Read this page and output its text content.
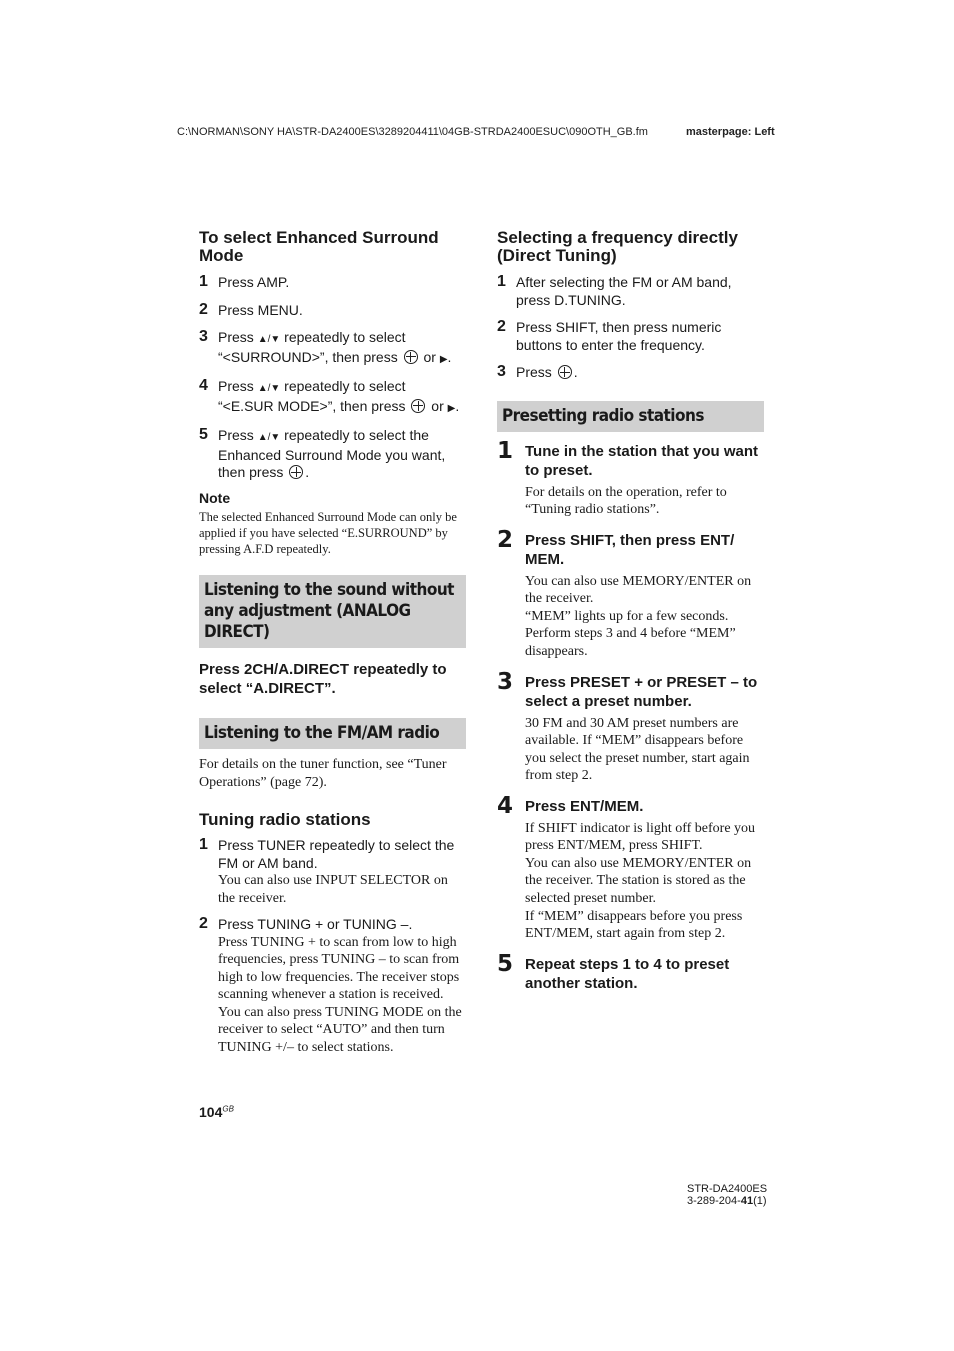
C:\NORMAN\SONY HA\STR-DA2400ES\3289204411\04GB-STRDA2400ESUC\090OTH_GB.fm	masterpage: Left
To select Enhanced Surround Mode
1 Press AMP.
2 Press MENU.
3 Press ▲/▼ repeatedly to select
“<SURROUND>”, then press or ▶.
4 Press ▲/▼ repeatedly to select
“<E.SUR MODE>”, then press or ▶.
5 Press ▲/▼ repeatedly to select the
Enhanced Surround Mode you want,
then press .
Note
The selected Enhanced Surround Mode can only be applied if you have selected “E.SURROUND” by pressing A.F.D repeatedly.
Listening to the sound without any adjustment (ANALOG DIRECT)
Press 2CH/A.DIRECT repeatedly to select “A.DIRECT”.
Listening to the FM/AM radio
For details on the tuner function, see “Tuner Operations” (page 72).
Tuning radio stations
1 Press TUNER repeatedly to select the FM or AM band.
You can also use INPUT SELECTOR on the receiver.
2 Press TUNING + or TUNING –.
Press TUNING + to scan from low to high frequencies, press TUNING – to scan from high to low frequencies. The receiver stops scanning whenever a station is received. You can also press TUNING MODE on the receiver to select “AUTO” and then turn TUNING +/– to select stations.
Selecting a frequency directly (Direct Tuning)
1 After selecting the FM or AM band, press D.TUNING.
2 Press SHIFT, then press numeric buttons to enter the frequency.
3 Press .
Presetting radio stations
1 Tune in the station that you want to preset.
For details on the operation, refer to “Tuning radio stations”.
2 Press SHIFT, then press ENT/ MEM.
You can also use MEMORY/ENTER on the receiver.
“MEM” lights up for a few seconds. Perform steps 3 and 4 before “MEM” disappears.
3 Press PRESET + or PRESET – to select a preset number.
30 FM and 30 AM preset numbers are available. If “MEM” disappears before you select the preset number, start again from step 2.
4 Press ENT/MEM.
If SHIFT indicator is light off before you press ENT/MEM, press SHIFT.
You can also use MEMORY/ENTER on the receiver. The station is stored as the selected preset number.
If “MEM” disappears before you press ENT/MEM, start again from step 2.
5 Repeat steps 1 to 4 to preset another station.
$104^{GB}$
STR-DA2400ES
3-289-204-41(1)
